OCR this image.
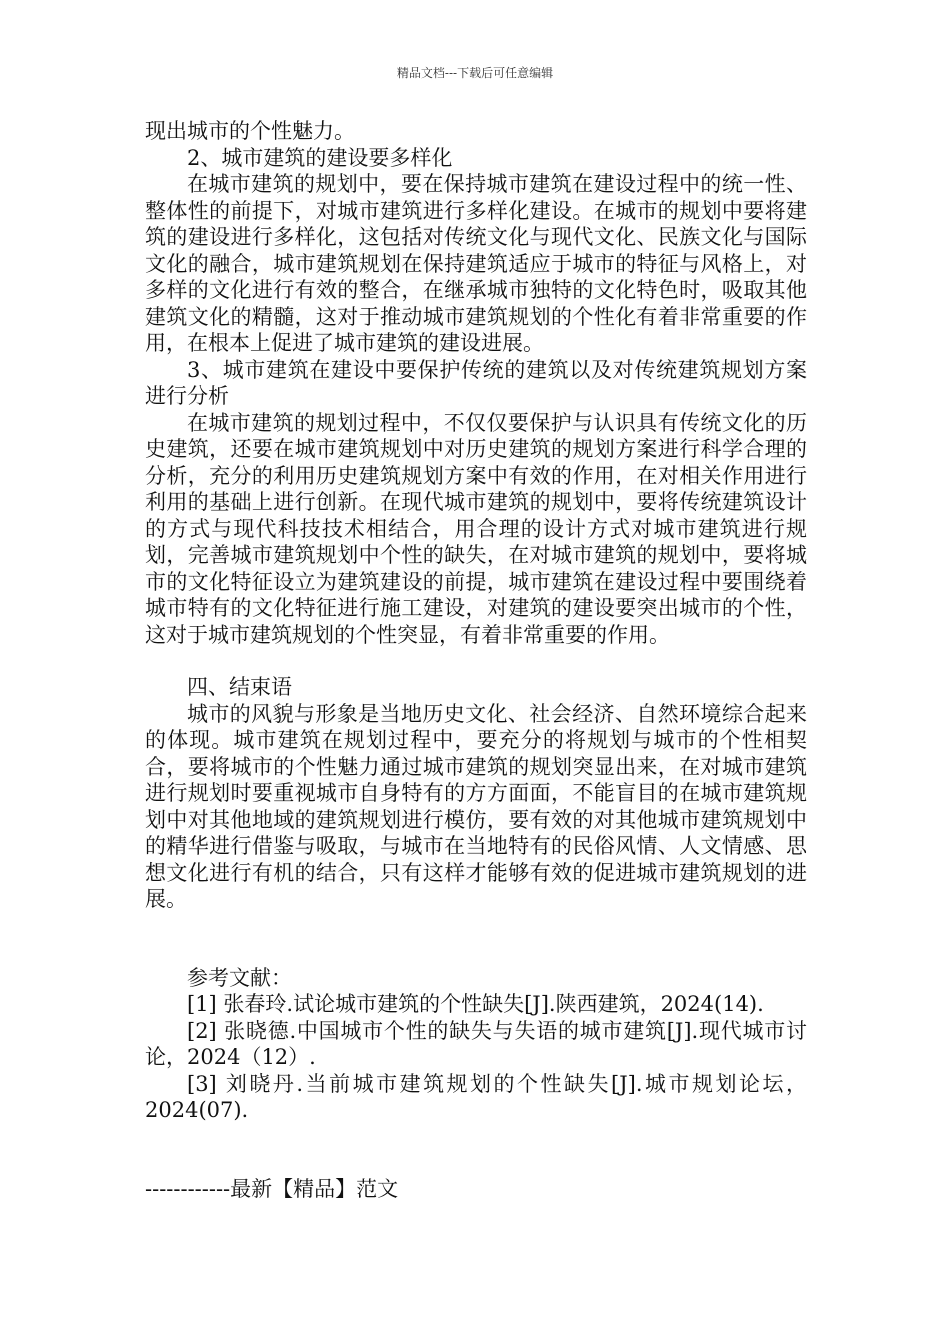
精品文档---下载后可任意编辑

现出城市的个性魅力。

2、城市建筑的建设要多样化

在城市建筑的规划中，要在保持城市建筑在建设过程中的统一性、整体性的前提下，对城市建筑进行多样化建设。在城市的规划中要将建筑的建设进行多样化，这包括对传统文化与现代文化、民族文化与国际文化的融合，城市建筑规划在保持建筑适应于城市的特征与风格上，对多样的文化进行有效的整合，在继承城市独特的文化特色时，吸取其他建筑文化的精髓，这对于推动城市建筑规划的个性化有着非常重要的作用，在根本上促进了城市建筑的建设进展。

3、城市建筑在建设中要保护传统的建筑以及对传统建筑规划方案进行分析

在城市建筑的规划过程中，不仅仅要保护与认识具有传统文化的历史建筑，还要在城市建筑规划中对历史建筑的规划方案进行科学合理的分析，充分的利用历史建筑规划方案中有效的作用，在对相关作用进行利用的基础上进行创新。在现代城市建筑的规划中，要将传统建筑设计的方式与现代科技技术相结合，用合理的设计方式对城市建筑进行规划，完善城市建筑规划中个性的缺失，在对城市建筑的规划中，要将城市的文化特征设立为建筑建设的前提，城市建筑在建设过程中要围绕着城市特有的文化特征进行施工建设，对建筑的建设要突出城市的个性，这对于城市建筑规划的个性突显，有着非常重要的作用。

四、结束语

城市的风貌与形象是当地历史文化、社会经济、自然环境综合起来的体现。城市建筑在规划过程中，要充分的将规划与城市的个性相契合，要将城市的个性魅力通过城市建筑的规划突显出来，在对城市建筑进行规划时要重视城市自身特有的方方面面，不能盲目的在城市建筑规划中对其他地域的建筑规划进行模仿，要有效的对其他城市建筑规划中的精华进行借鉴与吸取，与城市在当地特有的民俗风情、人文情感、思想文化进行有机的结合，只有这样才能够有效的促进城市建筑规划的进展。

参考文献：

[1] 张春玲.试论城市建筑的个性缺失[J].陕西建筑，2024(14).

[2] 张晓德.中国城市个性的缺失与失语的城市建筑[J].现代城市讨论，2024（12）.

[3] 刘晓丹.当前城市建筑规划的个性缺失[J].城市规划论坛，2024(07).

------------最新【精品】范文
